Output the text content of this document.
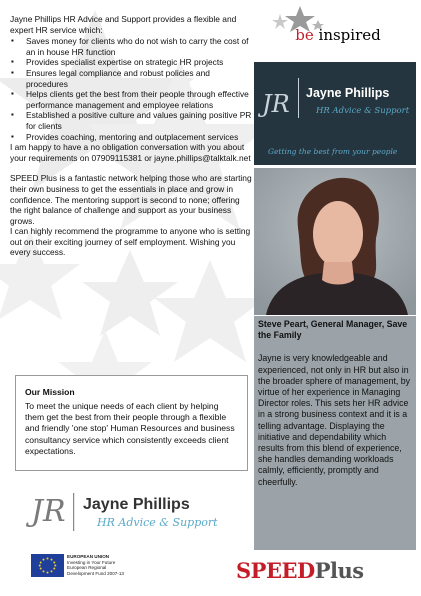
Jayne Phillips HR Advice and Support provides a flexible and expert HR service which:

▪ Saves money for clients who do not wish to carry the cost of an in house HR function
▪ Provides specialist expertise on strategic HR projects
▪ Ensures legal compliance and robust policies and procedures
▪ Helps clients get the best from their people through effective performance management and employee relations
▪ Established a positive culture and values gaining positive PR for clients
▪ Provides coaching, mentoring and outplacement services

I am happy to have a no obligation conversation with you about your requirements on 07909115381 or jayne.phillips@talktalk.net

SPEED Plus is a fantastic network helping those who are starting their own business to get the essentials in place and grow in confidence. The mentoring support is second to none; offering the right balance of challenge and support as your business grows.

I can highly recommend the programme to anyone who is setting out on their exciting journey of self employment. Wishing you every success.

Our Mission
To meet the unique needs of each client by helping them get the best from their people through a flexible and friendly 'one stop' Human Resources and business consultancy service which consistently exceeds client expectations.
JR Jayne Phillips
HR Advice & Support
be inspired
JR Jayne Phillips
HR Advice & Support
Getting the best from your people
Steve Peart, General Manager, Save the Family
Jayne is very knowledgeable and experienced, not only in HR but also in the broader sphere of management, by virtue of her experience in Managing Director roles. This sets her HR advice in a strong business context and it is a telling advantage. Displaying the initiative and dependability which results from this blend of experience, she handles demanding workloads calmly, efficiently, promptly and cheerfully.
EUROPEAN UNION
Investing in Your Future
European Regional
Development Fund 2007-13	SPEEDPlus
